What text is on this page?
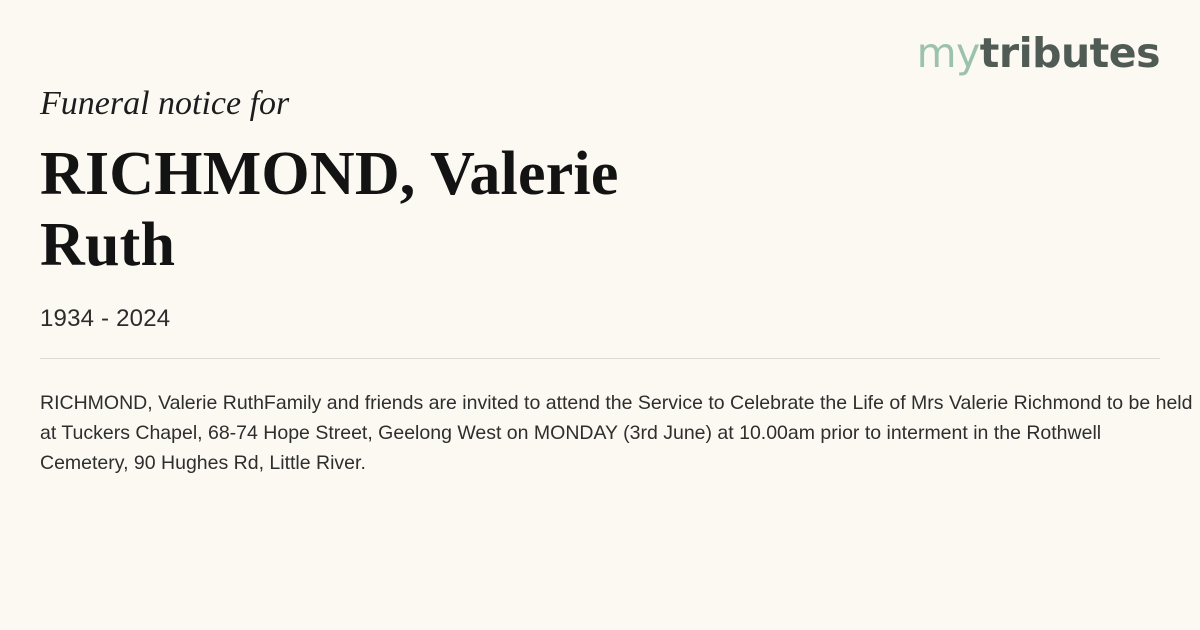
mytributes

Funeral notice for

RICHMOND, Valerie Ruth

1934 - 2024

RICHMOND, Valerie RuthFamily and friends are invited to attend the Service to Celebrate the Life of Mrs Valerie Richmond to be held at Tuckers Chapel, 68-74 Hope Street, Geelong West on MONDAY (3rd June) at 10.00am prior to interment in the Rothwell Cemetery, 90 Hughes Rd, Little River.
